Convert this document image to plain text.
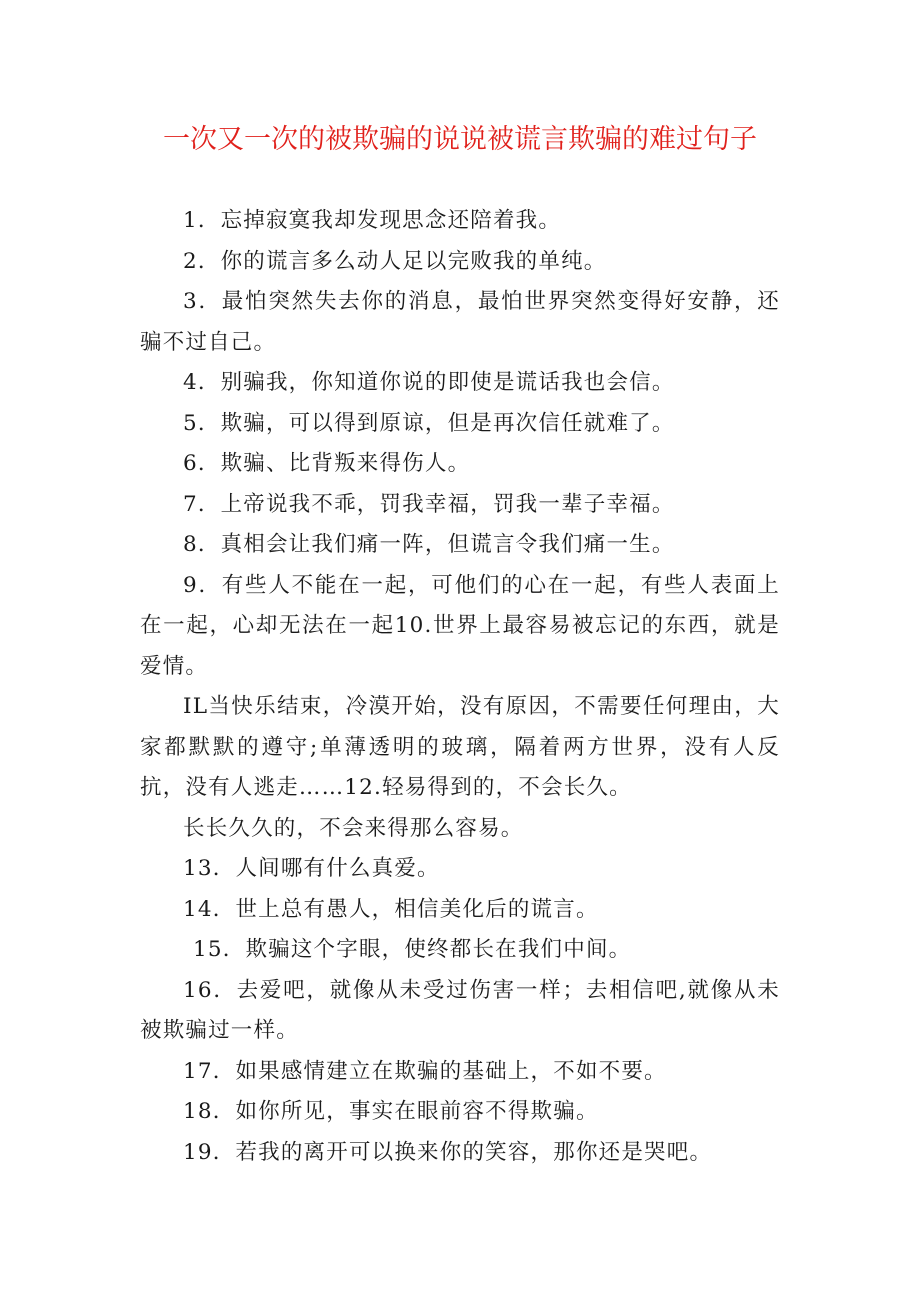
一次又一次的被欺骗的说说被谎言欺骗的难过句子

1．忘掉寂寞我却发现思念还陪着我。

2．你的谎言多么动人足以完败我的单纯。

3．最怕突然失去你的消息，最怕世界突然变得好安静，还骗不过自己。

4．别骗我，你知道你说的即使是谎话我也会信。

5．欺骗，可以得到原谅，但是再次信任就难了。

6．欺骗、比背叛来得伤人。

7．上帝说我不乖，罚我幸福，罚我一辈子幸福。

8．真相会让我们痛一阵，但谎言令我们痛一生。

9．有些人不能在一起，可他们的心在一起，有些人表面上在一起，心却无法在一起10.世界上最容易被忘记的东西，就是爱情。

IL当快乐结束，冷漠开始，没有原因，不需要任何理由，大家都默默的遵守;单薄透明的玻璃，隔着两方世界，没有人反抗，没有人逃走……12.轻易得到的，不会长久。

长长久久的，不会来得那么容易。

13．人间哪有什么真爱。

14．世上总有愚人，相信美化后的谎言。

15．欺骗这个字眼，使终都长在我们中间。

16．去爱吧，就像从未受过伤害一样；去相信吧,就像从未被欺骗过一样。

17．如果感情建立在欺骗的基础上，不如不要。

18．如你所见，事实在眼前容不得欺骗。

19．若我的离开可以换来你的笑容，那你还是哭吧。
